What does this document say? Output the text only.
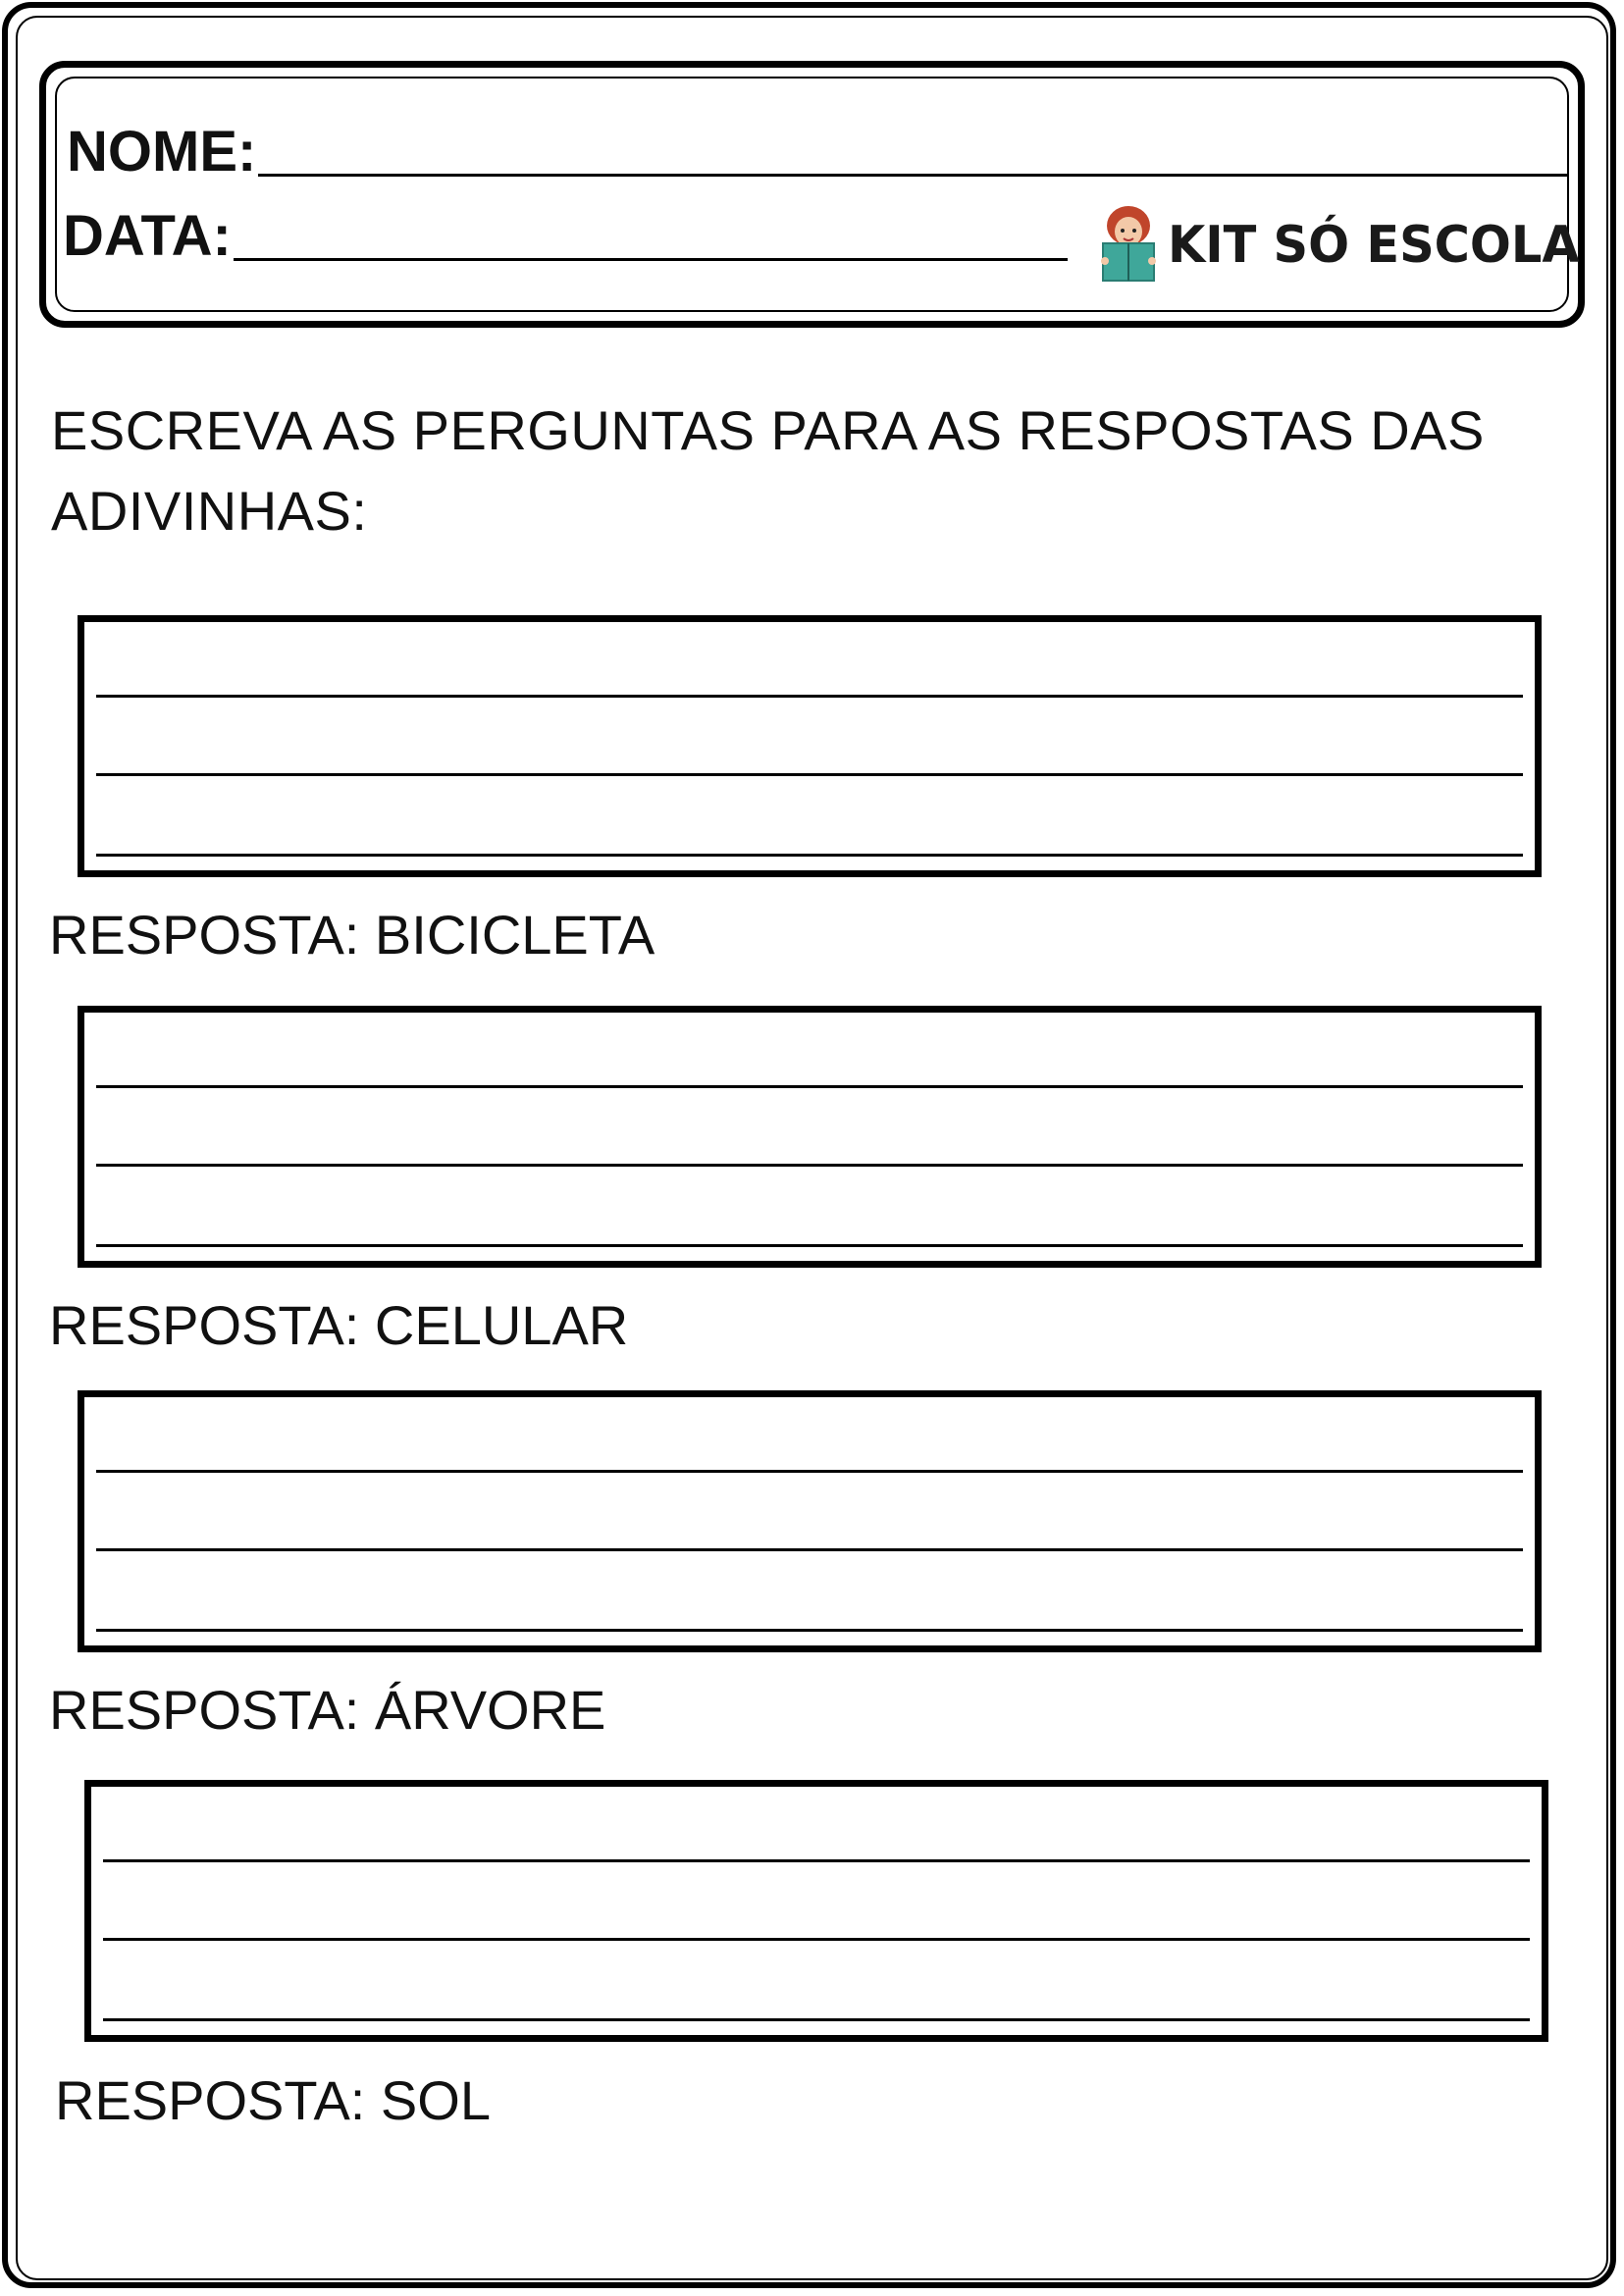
NOME:
DATA:	KIT SÓ ESCOLA
ESCREVA AS PERGUNTAS PARA AS RESPOSTAS DAS ADIVINHAS:
RESPOSTA: BICICLETA
RESPOSTA: CELULAR
RESPOSTA: ÁRVORE
RESPOSTA: SOL
